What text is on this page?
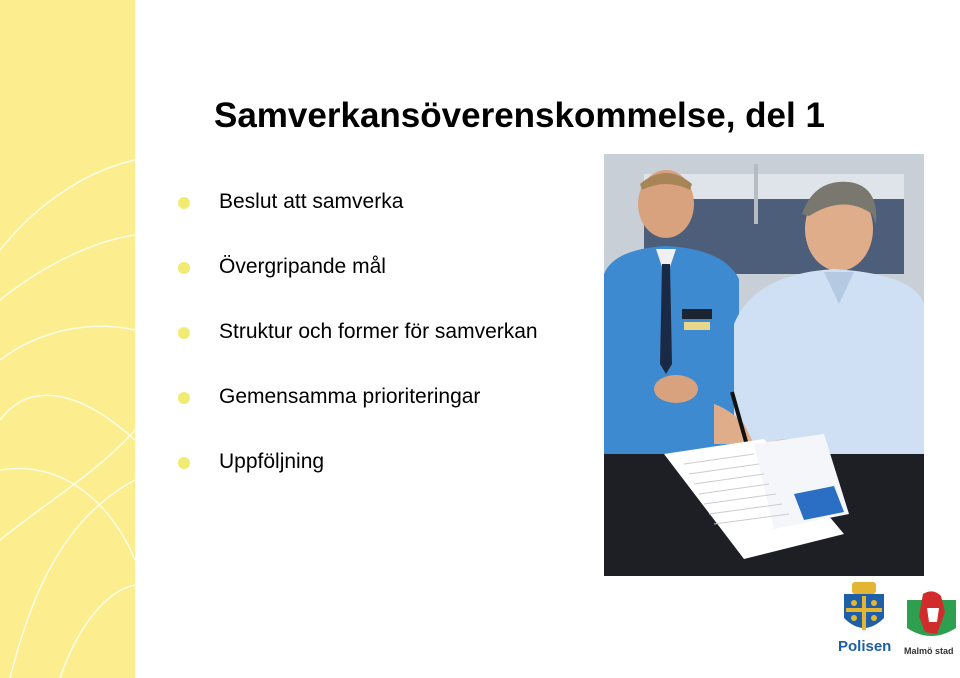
Samverkansöverenskommelse, del 1
Beslut att samverka
Övergripande mål
Struktur och former för samverkan
Gemensamma prioriteringar
Uppföljning
Polisen Malmö stad
